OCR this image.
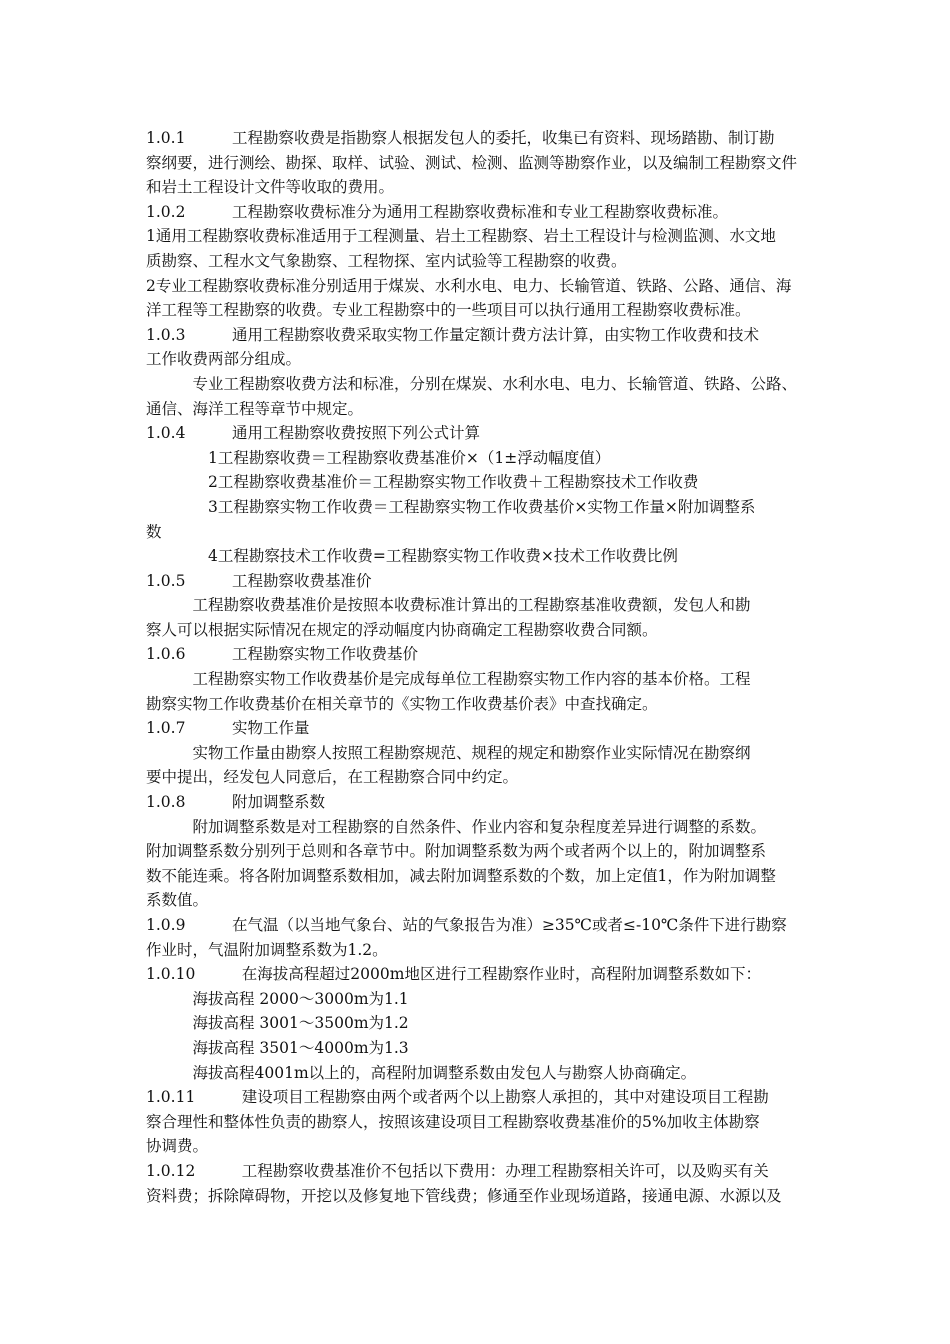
1.0.1　　　工程勘察收费是指勘察人根据发包人的委托，收集已有资料、现场踏勘、制订勘
察纲要，进行测绘、勘探、取样、试验、测试、检测、监测等勘察作业，以及编制工程勘察文件
和岩土工程设计文件等收取的费用。
1.0.2　　　工程勘察收费标准分为通用工程勘察收费标准和专业工程勘察收费标准。
1通用工程勘察收费标准适用于工程测量、岩土工程勘察、岩土工程设计与检测监测、水文地
质勘察、工程水文气象勘察、工程物探、室内试验等工程勘察的收费。
2专业工程勘察收费标准分别适用于煤炭、水利水电、电力、长输管道、铁路、公路、通信、海
洋工程等工程勘察的收费。专业工程勘察中的一些项目可以执行通用工程勘察收费标准。
1.0.3　　　通用工程勘察收费采取实物工作量定额计费方法计算，由实物工作收费和技术
工作收费两部分组成。
　　　专业工程勘察收费方法和标准，分别在煤炭、水利水电、电力、长输管道、铁路、公路、
通信、海洋工程等章节中规定。
1.0.4　　　通用工程勘察收费按照下列公式计算
　　　　1工程勘察收费＝工程勘察收费基准价×（1±浮动幅度值）
　　　　2工程勘察收费基准价＝工程勘察实物工作收费＋工程勘察技术工作收费
　　　　3工程勘察实物工作收费＝工程勘察实物工作收费基价×实物工作量×附加调整系
数
　　　　4工程勘察技术工作收费=工程勘察实物工作收费×技术工作收费比例
1.0.5　　　工程勘察收费基准价
　　　工程勘察收费基准价是按照本收费标准计算出的工程勘察基准收费额，发包人和勘
察人可以根据实际情况在规定的浮动幅度内协商确定工程勘察收费合同额。
1.0.6　　　工程勘察实物工作收费基价
　　　工程勘察实物工作收费基价是完成每单位工程勘察实物工作内容的基本价格。工程
勘察实物工作收费基价在相关章节的《实物工作收费基价表》中查找确定。
1.0.7　　　实物工作量
　　　实物工作量由勘察人按照工程勘察规范、规程的规定和勘察作业实际情况在勘察纲
要中提出，经发包人同意后，在工程勘察合同中约定。
1.0.8　　　附加调整系数
　　　附加调整系数是对工程勘察的自然条件、作业内容和复杂程度差异进行调整的系数。
附加调整系数分别列于总则和各章节中。附加调整系数为两个或者两个以上的，附加调整系
数不能连乘。将各附加调整系数相加，减去附加调整系数的个数，加上定值1，作为附加调整
系数值。
1.0.9　　　在气温（以当地气象台、站的气象报告为准）≥35℃或者≤-10℃条件下进行勘察
作业时，气温附加调整系数为1.2。
1.0.10　　　在海拔高程超过2000m地区进行工程勘察作业时，高程附加调整系数如下：
　　　海拔高程 2000～3000m为1.1
　　　海拔高程 3001～3500m为1.2
　　　海拔高程 3501～4000m为1.3
　　　海拔高程4001m以上的，高程附加调整系数由发包人与勘察人协商确定。
1.0.11　　　建设项目工程勘察由两个或者两个以上勘察人承担的，其中对建设项目工程勘
察合理性和整体性负责的勘察人，按照该建设项目工程勘察收费基准价的5%加收主体勘察
协调费。
1.0.12　　　工程勘察收费基准价不包括以下费用：办理工程勘察相关许可，以及购买有关
资料费；拆除障碍物，开挖以及修复地下管线费；修通至作业现场道路，接通电源、水源以及
